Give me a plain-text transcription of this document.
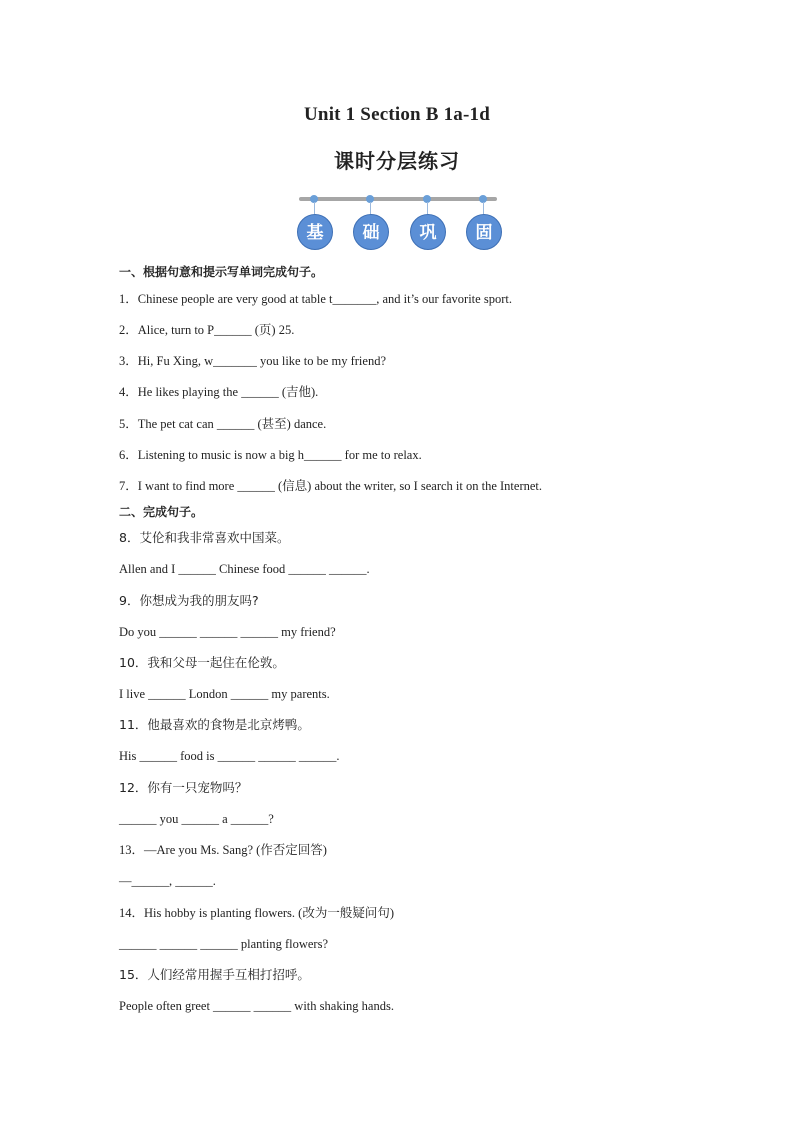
Unit 1 Section B 1a-1d
课时分层练习
基	础	巩	固
一、根据句意和提示写单词完成句子。
1．Chinese people are very good at table t_______, and it’s our favorite sport.
2．Alice, turn to P______ (页) 25.
3．Hi, Fu Xing, w_______ you like to be my friend?
4．He likes playing the ______ (吉他).
5．The pet cat can ______ (甚至) dance.
6．Listening to music is now a big h______ for me to relax.
7．I want to find more ______ (信息) about the writer, so I search it on the Internet.
二、完成句子。
8．艾伦和我非常喜欢中国菜。
Allen and I ______ Chinese food ______ ______.
9．你想成为我的朋友吗?
Do you ______ ______ ______ my friend?
10．我和父母一起住在伦敦。
I live ______ London ______ my parents.
11．他最喜欢的食物是北京烤鸭。
His ______ food is ______ ______ ______.
12．你有一只宠物吗？
______ you ______ a ______?
13．—Are you Ms. Sang? (作否定回答)
—______, ______.
14．His hobby is planting flowers. (改为一般疑问句)
______ ______ ______ planting flowers?
15．人们经常用握手互相打招呼。
People often greet ______ ______ with shaking hands.
